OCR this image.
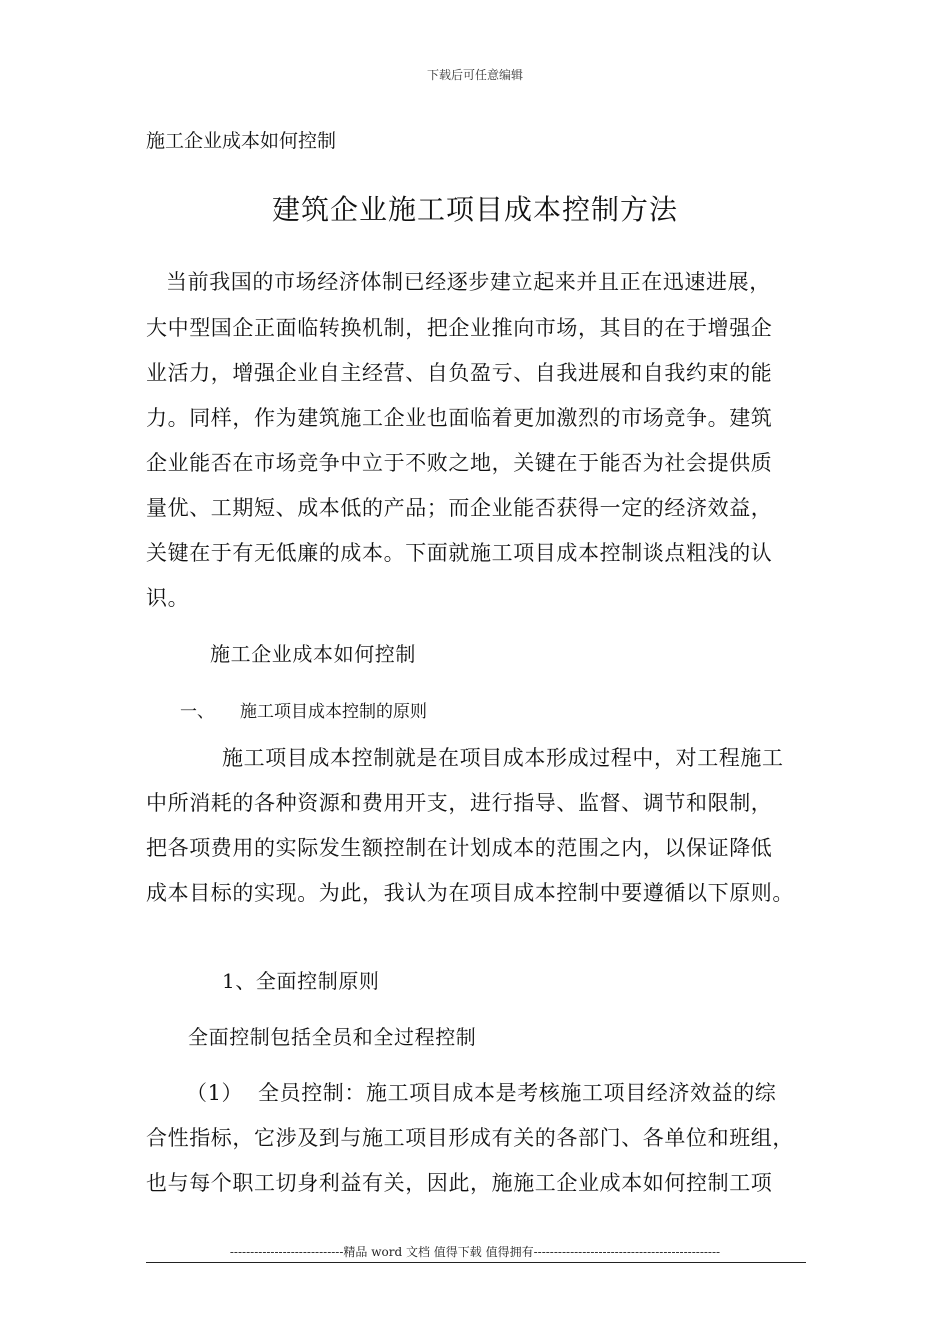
下载后可任意编辑
施工企业成本如何控制
建筑企业施工项目成本控制方法
当前我国的市场经济体制已经逐步建立起来并且正在迅速进展，
大中型国企正面临转换机制，把企业推向市场，其目的在于增强企
业活力，增强企业自主经营、自负盈亏、自我进展和自我约束的能
力。同样，作为建筑施工企业也面临着更加激烈的市场竞争。建筑
企业能否在市场竞争中立于不败之地，关键在于能否为社会提供质
量优、工期短、成本低的产品；而企业能否获得一定的经济效益，
关键在于有无低廉的成本。下面就施工项目成本控制谈点粗浅的认
识。
施工企业成本如何控制
一、 施工项目成本控制的原则
施工项目成本控制就是在项目成本形成过程中，对工程施工
中所消耗的各种资源和费用开支，进行指导、监督、调节和限制，
把各项费用的实际发生额控制在计划成本的范围之内，以保证降低
成本目标的实现。为此，我认为在项目成本控制中要遵循以下原则。
1、全面控制原则
全面控制包括全员和全过程控制
（1） 全员控制：施工项目成本是考核施工项目经济效益的综
合性指标，它涉及到与施工项目形成有关的各部门、各单位和班组，
也与每个职工切身利益有关，因此，施施工企业成本如何控制工项
----------------------------精品 word 文档 值得下载 值得拥有----------------------------------------------
